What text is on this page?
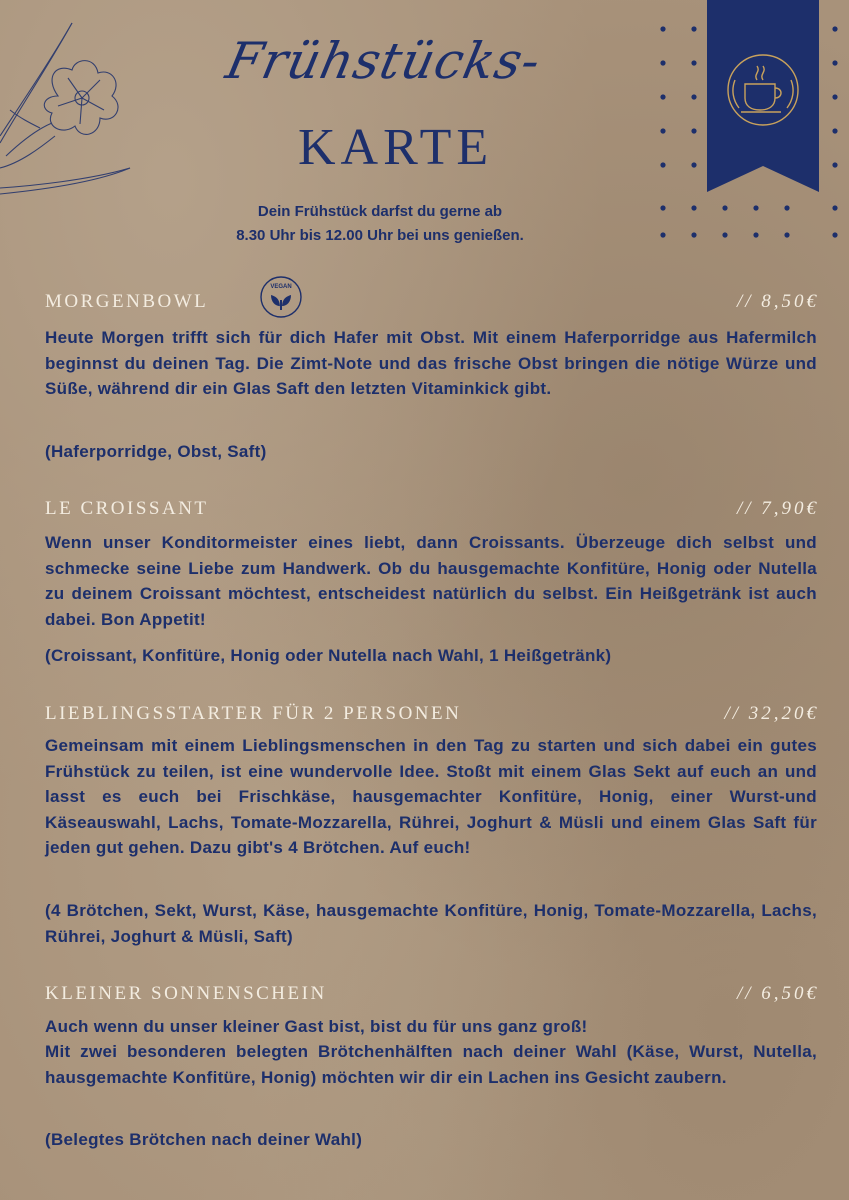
Frühstücks-
KARTE
Dein Frühstück darfst du gerne ab
8.30 Uhr bis 12.00 Uhr bei uns genießen.
MORGENBOWL
VEGAN
// 8,50€
Heute Morgen trifft sich für dich Hafer mit Obst. Mit einem Haferporridge aus Hafermilch beginnst du deinen Tag. Die Zimt-Note und das frische Obst bringen die nötige Würze und Süße, während dir ein Glas Saft den letzten Vitaminkick gibt.
(Haferporridge, Obst, Saft)
LE CROISSANT	// 7,90€
Wenn unser Konditormeister eines liebt, dann Croissants. Überzeuge dich selbst und schmecke seine Liebe zum Handwerk. Ob du hausgemachte Konfitüre, Honig oder Nutella zu deinem Croissant möchtest, entscheidest natürlich du selbst. Ein Heißgetränk ist auch dabei. Bon Appetit!
(Croissant, Konfitüre, Honig oder Nutella nach Wahl, 1 Heißgetränk)
LIEBLINGSSTARTER FÜR 2 PERSONEN	// 32,20€
Gemeinsam mit einem Lieblingsmenschen in den Tag zu starten und sich dabei ein gutes Frühstück zu teilen, ist eine wundervolle Idee. Stoßt mit einem Glas Sekt auf euch an und lasst es euch bei Frischkäse, hausgemachter Konfitüre, Honig, einer Wurst-und Käseauswahl, Lachs, Tomate-Mozzarella, Rührei, Joghurt & Müsli und einem Glas Saft für jeden gut gehen. Dazu gibt's 4 Brötchen. Auf euch!
(4 Brötchen, Sekt, Wurst, Käse, hausgemachte Konfitüre, Honig, Tomate-Mozzarella, Lachs, Rührei, Joghurt & Müsli, Saft)
KLEINER SONNENSCHEIN	// 6,50€
Auch wenn du unser kleiner Gast bist, bist du für uns ganz groß!
Mit zwei besonderen belegten Brötchenhälften nach deiner Wahl (Käse, Wurst, Nutella, hausgemachte Konfitüre, Honig) möchten wir dir ein Lachen ins Gesicht zaubern.
(Belegtes Brötchen nach deiner Wahl)
